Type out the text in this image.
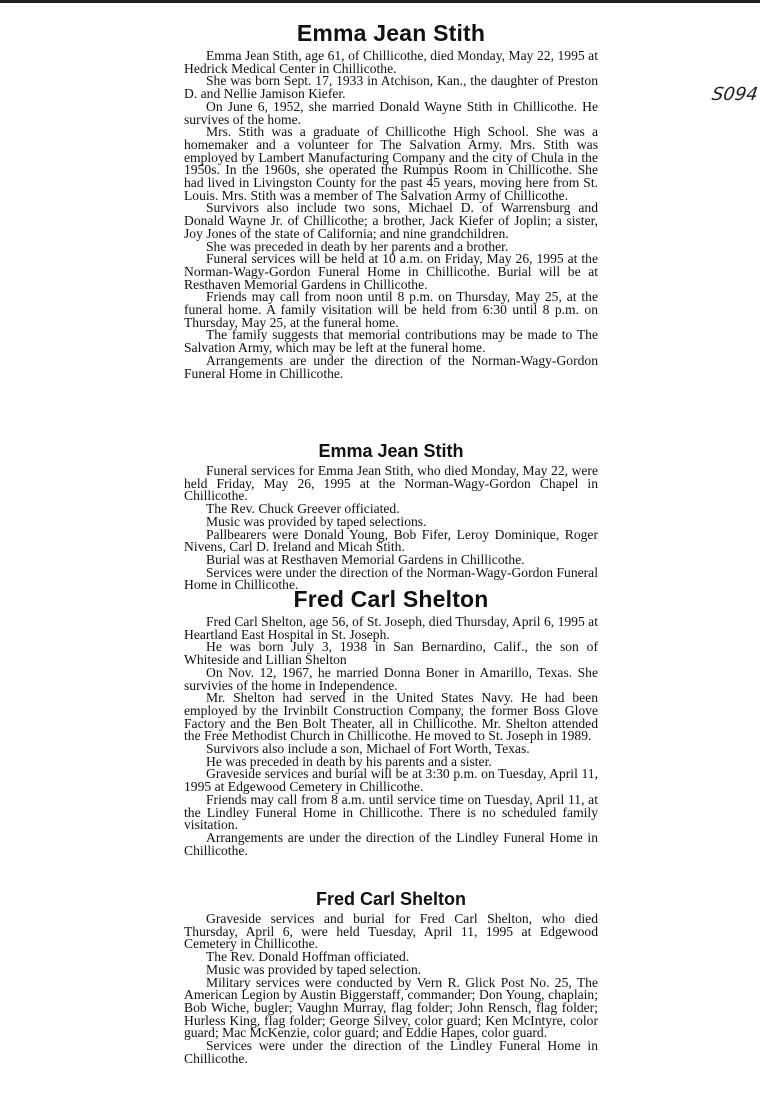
S094
Emma Jean Stith

Emma Jean Stith, age 61, of Chillicothe, died Monday, May 22, 1995 at Hedrick Medical Center in Chillicothe.

She was born Sept. 17, 1933 in Atchison, Kan., the daughter of Preston D. and Nellie Jamison Kiefer.

On June 6, 1952, she married Donald Wayne Stith in Chillicothe. He survives of the home.

Mrs. Stith was a graduate of Chillicothe High School. She was a homemaker and a volunteer for The Salvation Army. Mrs. Stith was employed by Lambert Manufacturing Company and the city of Chula in the 1950s. In the 1960s, she operated the Rumpus Room in Chillicothe. She had lived in Livingston County for the past 45 years, moving here from St. Louis. Mrs. Stith was a member of The Salvation Army of Chillicothe.

Survivors also include two sons, Michael D. of Warrensburg and Donald Wayne Jr. of Chillicothe; a brother, Jack Kiefer of Joplin; a sister, Joy Jones of the state of California; and nine grandchildren.

She was preceded in death by her parents and a brother.

Funeral services will be held at 10 a.m. on Friday, May 26, 1995 at the Norman-Wagy-Gordon Funeral Home in Chillicothe. Burial will be at Resthaven Memorial Gardens in Chillicothe.

Friends may call from noon until 8 p.m. on Thursday, May 25, at the funeral home. A family visitation will be held from 6:30 until 8 p.m. on Thursday, May 25, at the funeral home.

The family suggests that memorial contributions may be made to The Salvation Army, which may be left at the funeral home.

Arrangements are under the direction of the Norman-Wagy-Gordon Funeral Home in Chillicothe.

Emma Jean Stith

Funeral services for Emma Jean Stith, who died Monday, May 22, were held Friday, May 26, 1995 at the Norman-Wagy-Gordon Chapel in Chillicothe.

The Rev. Chuck Greever officiated.

Music was provided by taped selections.

Pallbearers were Donald Young, Bob Fifer, Leroy Dominique, Roger Nivens, Carl D. Ireland and Micah Stith.

Burial was at Resthaven Memorial Gardens in Chillicothe.

Services were under the direction of the Norman-Wagy-Gordon Funeral Home in Chillicothe.

Fred Carl Shelton

Fred Carl Shelton, age 56, of St. Joseph, died Thursday, April 6, 1995 at Heartland East Hospital in St. Joseph.

He was born July 3, 1938 in San Bernardino, Calif., the son of Whiteside and Lillian Shelton

On Nov. 12, 1967, he married Donna Boner in Amarillo, Texas. She survivies of the home in Independence.

Mr. Shelton had served in the United States Navy. He had been employed by the Irvinbilt Construction Company, the former Boss Glove Factory and the Ben Bolt Theater, all in Chillicothe. Mr. Shelton attended the Free Methodist Church in Chillicothe. He moved to St. Joseph in 1989.

Survivors also include a son, Michael of Fort Worth, Texas.

He was preceded in death by his parents and a sister.

Graveside services and burial will be at 3:30 p.m. on Tuesday, April 11, 1995 at Edgewood Cemetery in Chillicothe.

Friends may call from 8 a.m. until service time on Tuesday, April 11, at the Lindley Funeral Home in Chillicothe. There is no scheduled family visitation.

Arrangements are under the direction of the Lindley Funeral Home in Chillicothe.

Fred Carl Shelton

Graveside services and burial for Fred Carl Shelton, who died Thursday, April 6, were held Tuesday, April 11, 1995 at Edgewood Cemetery in Chillicothe.

The Rev. Donald Hoffman officiated.

Music was provided by taped selection.

Military services were conducted by Vern R. Glick Post No. 25, The American Legion by Austin Biggerstaff, commander; Don Young, chaplain; Bob Wiche, bugler; Vaughn Murray, flag folder; John Rensch, flag folder; Hurless King, flag folder; George Silvey, color guard; Ken McIntyre, color guard; Mac McKenzie, color guard; and Eddie Hapes, color guard.

Services were under the direction of the Lindley Funeral Home in Chillicothe.
